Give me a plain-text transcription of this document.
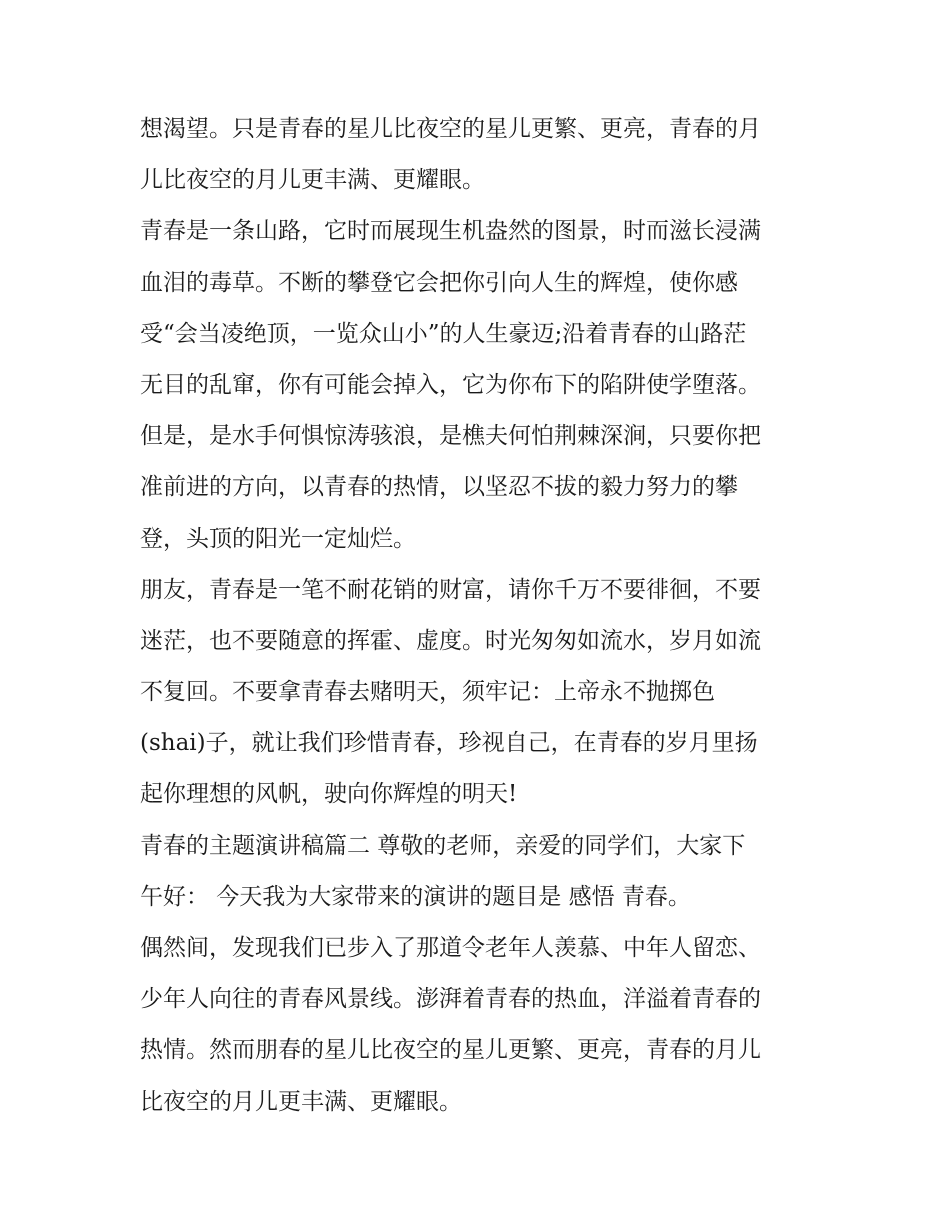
想渴望。只是青春的星儿比夜空的星儿更繁、更亮，青春的月
儿比夜空的月儿更丰满、更耀眼。
青春是一条山路，它时而展现生机盎然的图景，时而滋长浸满
血泪的毒草。不断的攀登它会把你引向人生的辉煌，使你感
受“会当凌绝顶，一览众山小”的人生豪迈;沿着青春的山路茫
无目的乱窜，你有可能会掉入，它为你布下的陷阱使学堕落。
但是，是水手何惧惊涛骇浪，是樵夫何怕荆棘深涧，只要你把
准前进的方向，以青春的热情，以坚忍不拔的毅力努力的攀
登，头顶的阳光一定灿烂。
朋友，青春是一笔不耐花销的财富，请你千万不要徘徊，不要
迷茫，也不要随意的挥霍、虚度。时光匆匆如流水，岁月如流
不复回。不要拿青春去赌明天，须牢记：上帝永不抛掷色
(shai)子，就让我们珍惜青春，珍视自己，在青春的岁月里扬
起你理想的风帆，驶向你辉煌的明天!
青春的主题演讲稿篇二 尊敬的老师，亲爱的同学们，大家下
午好： 今天我为大家带来的演讲的题目是 感悟 青春。
偶然间，发现我们已步入了那道令老年人羡慕、中年人留恋、
少年人向往的青春风景线。澎湃着青春的热血，洋溢着青春的
热情。然而朋春的星儿比夜空的星儿更繁、更亮，青春的月儿
比夜空的月儿更丰满、更耀眼。
